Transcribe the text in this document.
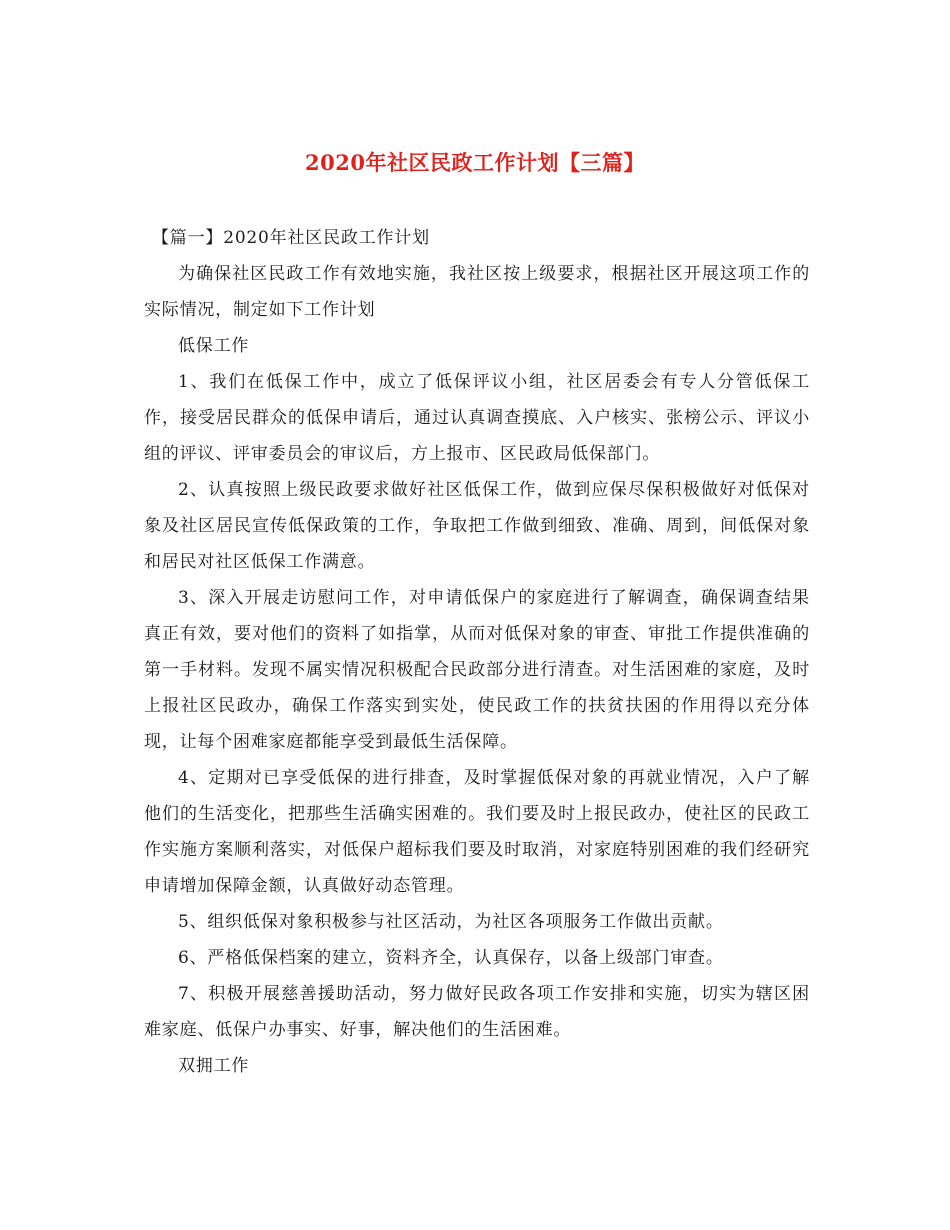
2020年社区民政工作计划【三篇】

【篇一】2020年社区民政工作计划

为确保社区民政工作有效地实施，我社区按上级要求，根据社区开展这项工作的实际情况，制定如下工作计划

低保工作

1、我们在低保工作中，成立了低保评议小组，社区居委会有专人分管低保工作，接受居民群众的低保申请后，通过认真调查摸底、入户核实、张榜公示、评议小组的评议、评审委员会的审议后，方上报市、区民政局低保部门。

2、认真按照上级民政要求做好社区低保工作，做到应保尽保积极做好对低保对象及社区居民宣传低保政策的工作，争取把工作做到细致、准确、周到，间低保对象和居民对社区低保工作满意。

3、深入开展走访慰问工作，对申请低保户的家庭进行了解调查，确保调查结果真正有效，要对他们的资料了如指掌，从而对低保对象的审查、审批工作提供准确的第一手材料。发现不属实情况积极配合民政部分进行清查。对生活困难的家庭，及时上报社区民政办，确保工作落实到实处，使民政工作的扶贫扶困的作用得以充分体现，让每个困难家庭都能享受到最低生活保障。

4、定期对已享受低保的进行排查，及时掌握低保对象的再就业情况，入户了解他们的生活变化，把那些生活确实困难的。我们要及时上报民政办，使社区的民政工作实施方案顺利落实，对低保户超标我们要及时取消，对家庭特别困难的我们经研究申请增加保障金额，认真做好动态管理。

5、组织低保对象积极参与社区活动，为社区各项服务工作做出贡献。

6、严格低保档案的建立，资料齐全，认真保存，以备上级部门审查。

7、积极开展慈善援助活动，努力做好民政各项工作安排和实施，切实为辖区困难家庭、低保户办事实、好事，解决他们的生活困难。

双拥工作
